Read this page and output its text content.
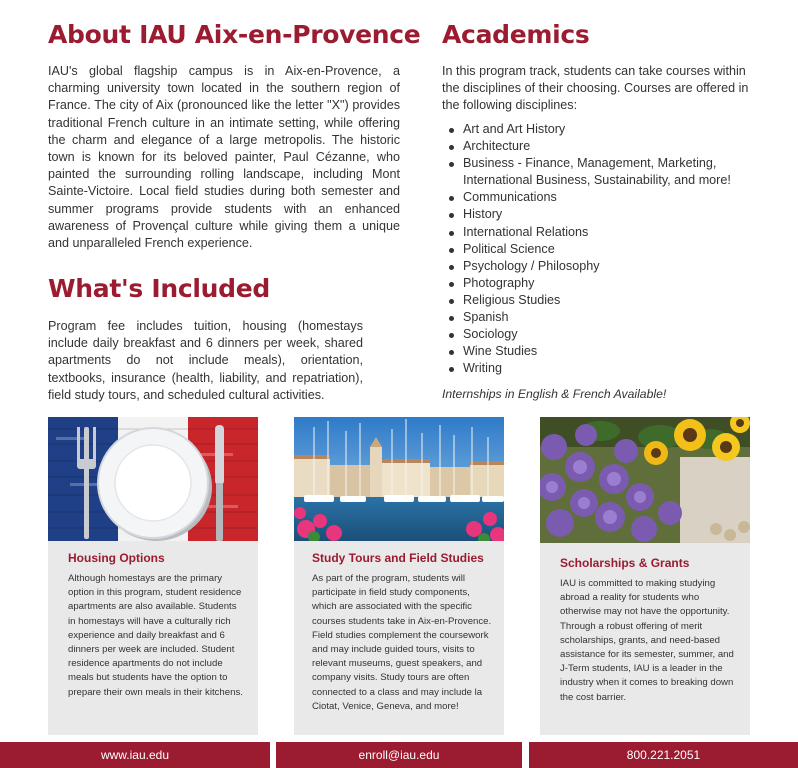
About IAU Aix-en-Provence

IAU's global flagship campus is in Aix-en-Provence, a charming university town located in the southern region of France. The city of Aix (pronounced like the letter "X") provides traditional French culture in an intimate setting, while offering the charm and elegance of a large metropolis. The historic town is known for its beloved painter, Paul Cézanne, who painted the surrounding rolling landscape, including Mont Sainte-Victoire. Local field studies during both semester and summer programs provide students with an enhanced awareness of Provençal culture while giving them a unique and unparalleled French experience.

What's Included

Program fee includes tuition, housing (homestays include daily breakfast and 6 dinners per week, shared apartments do not include meals), orientation, textbooks, insurance (health, liability, and repatriation), field study tours, and scheduled cultural activities.

Academics

In this program track, students can take courses within the disciplines of their choosing. Courses are offered in the following disciplines:

Art and Art History
Architecture
Business - Finance, Management, Marketing, International Business, Sustainability, and more!
Communications
History
International Relations
Political Science
Psychology / Philosophy
Photography
Religious Studies
Spanish
Sociology
Wine Studies
Writing

Internships in English & French Available!

Housing Options

Although homestays are the primary option in this program, student residence apartments are also available. Students in homestays will have a culturally rich experience and daily breakfast and 6 dinners per week are included. Student residence apartments do not include meals but students have the option to prepare their own meals in their kitchens.

Study Tours and Field Studies

As part of the program, students will participate in field study components, which are associated with the specific courses students take in Aix-en-Provence. Field studies complement the coursework and may include guided tours, visits to relevant museums, guest speakers, and company visits. Study tours are often connected to a class and may include la Ciotat, Venice, Geneva, and more!

Scholarships & Grants

IAU is committed to making studying abroad a reality for students who otherwise may not have the opportunity. Through a robust offering of merit scholarships, grants, and need-based assistance for its semester, summer, and J-Term students, IAU is a leader in the industry when it comes to breaking down the cost barrier.

www.iau.edu	enroll@iau.edu	800.221.2051
